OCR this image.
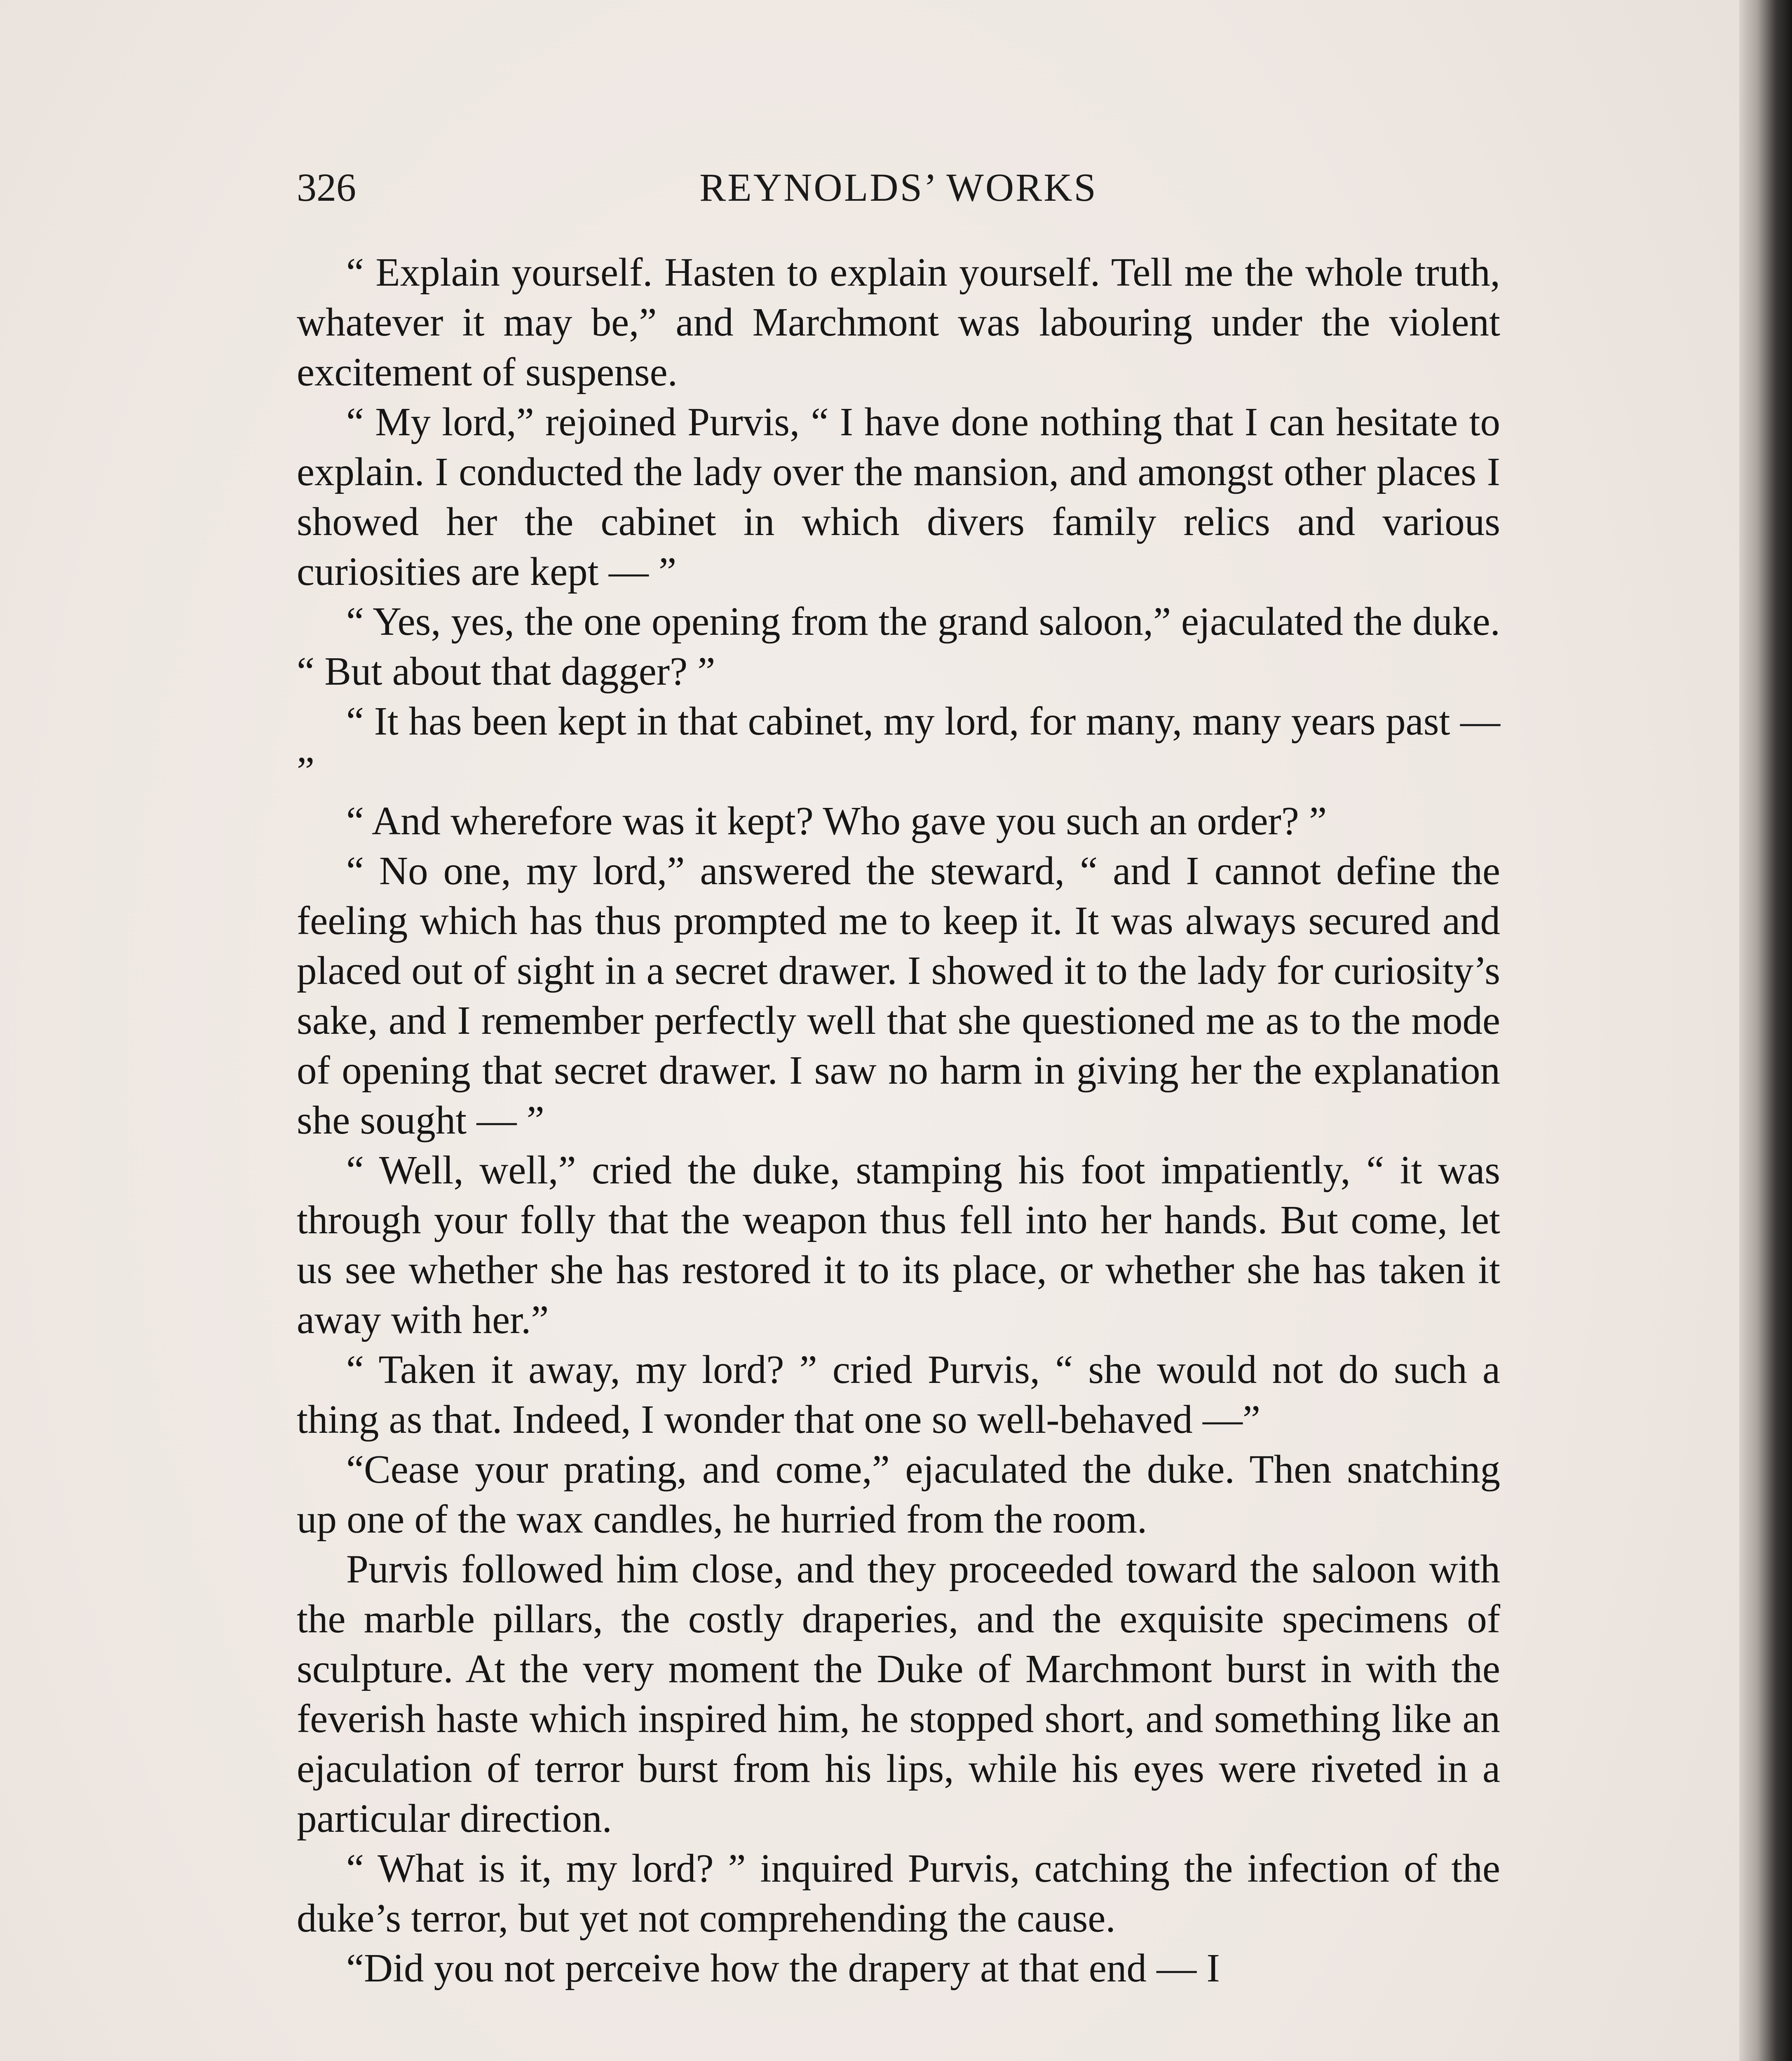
326	REYNOLDS’ WORKS

“ Explain yourself. Hasten to explain yourself. Tell me the whole truth, whatever it may be,” and Marchmont was labouring under the violent excitement of suspense.

“ My lord,” rejoined Purvis, “ I have done nothing that I can hesitate to explain. I conducted the lady over the mansion, and amongst other places I showed her the cabinet in which divers family relics and various curiosities are kept — ”

“ Yes, yes, the one opening from the grand saloon,” ejaculated the duke. “ But about that dagger? ”

“ It has been kept in that cabinet, my lord, for many, many years past — ”

“ And wherefore was it kept? Who gave you such an order? ”

“ No one, my lord,” answered the steward, “ and I cannot define the feeling which has thus prompted me to keep it. It was always secured and placed out of sight in a secret drawer. I showed it to the lady for curiosity’s sake, and I remember perfectly well that she questioned me as to the mode of opening that secret drawer. I saw no harm in giving her the explanation she sought — ”

“ Well, well,” cried the duke, stamping his foot impatiently, “ it was through your folly that the weapon thus fell into her hands. But come, let us see whether she has restored it to its place, or whether she has taken it away with her.”

“ Taken it away, my lord? ” cried Purvis, “ she would not do such a thing as that. Indeed, I wonder that one so well-behaved —”

“Cease your prating, and come,” ejaculated the duke. Then snatching up one of the wax candles, he hurried from the room.

Purvis followed him close, and they proceeded toward the saloon with the marble pillars, the costly draperies, and the exquisite specimens of sculpture. At the very moment the Duke of Marchmont burst in with the feverish haste which inspired him, he stopped short, and something like an ejaculation of terror burst from his lips, while his eyes were riveted in a particular direction.

“ What is it, my lord? ” inquired Purvis, catching the infection of the duke’s terror, but yet not comprehending the cause.

“Did you not perceive how the drapery at that end — I
